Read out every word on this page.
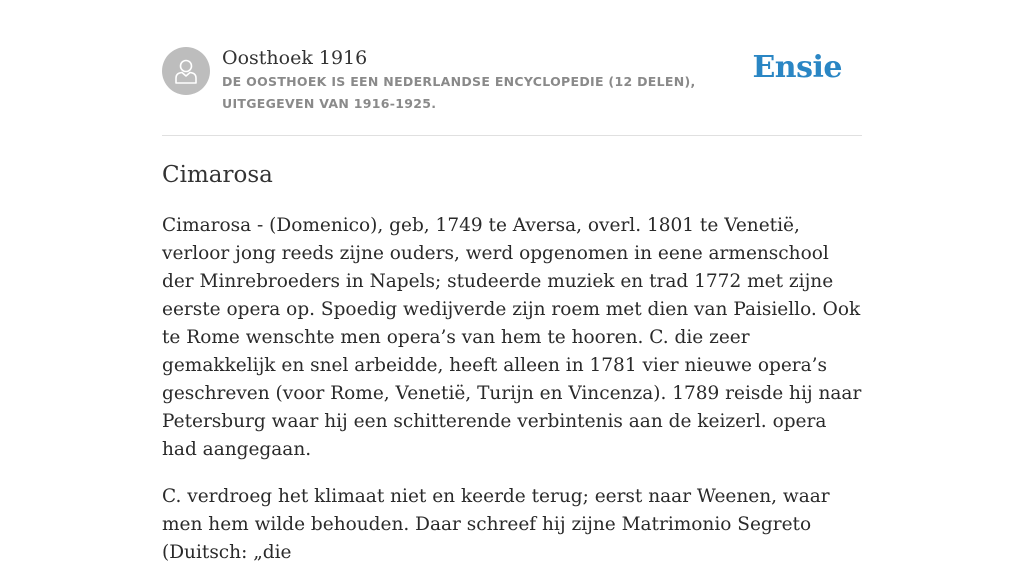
Oosthoek 1916
DE OOSTHOEK IS EEN NEDERLANDSE ENCYCLOPEDIE (12 DELEN), UITGEGEVEN VAN 1916-1925.
Ensie
Cimarosa

Cimarosa - (Domenico), geb, 1749 te Aversa, overl. 1801 te Venetië, verloor jong reeds zijne ouders, werd opgenomen in eene armenschool der Minrebroeders in Napels; studeerde muziek en trad 1772 met zijne eerste opera op. Spoedig wedijverde zijn roem met dien van Paisiello. Ook te Rome wenschte men opera’s van hem te hooren. C. die zeer gemakkelijk en snel arbeidde, heeft alleen in 1781 vier nieuwe opera’s geschreven (voor Rome, Venetië, Turijn en Vincenza). 1789 reisde hij naar Petersburg waar hij een schitterende verbintenis aan de keizerl. opera had aangegaan.

C. verdroeg het klimaat niet en keerde terug; eerst naar Weenen, waar men hem wilde behouden. Daar schreef hij zijne Matrimonio Segreto (Duitsch: „die
